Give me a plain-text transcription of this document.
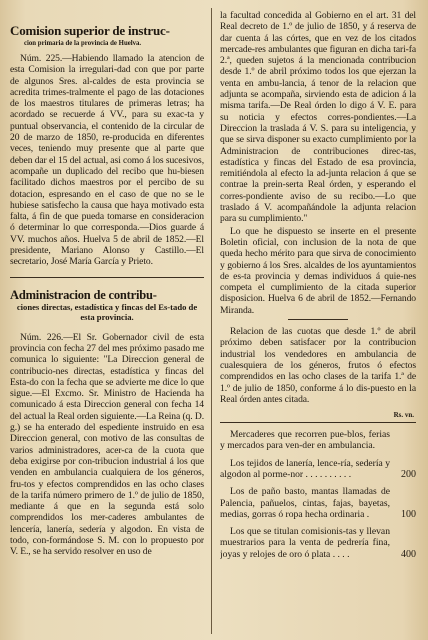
Comision superior de instruc-
cion primaria de la provincia de Huelva.

Núm. 225.—Habiendo llamado la atencion de esta Comision la irregulari-dad con que por parte de algunos Sres. al-caldes de esta provincia se acredita trimes-tralmente el pago de las dotaciones de los maestros titulares de primeras letras; ha acordado se recuerde á VV., para su exac-ta y puntual observancia, el contenido de la circular de 20 de marzo de 1850, re-producida en diferentes veces, teniendo muy presente que al parte que deben dar el 15 del actual, asi como á los sucesivos, acompañe un duplicado del recibo que hu-biesen facilitado dichos maestros por el percibo de su dotacion, espresando en el caso de que no se le hubiese satisfecho la causa que haya motivado esta falta, á fin de que pueda tomarse en consideracion ó determinar lo que corresponda.—Dios guarde á VV. muchos años. Huelva 5 de abril de 1852.—El presidente, Mariano Alonso y Castillo.—El secretario, José María García y Prieto.

Administracion de contribu-
ciones directas, estadística y fincas del Es-tado de esta provincia.

Núm. 226.—El Sr. Gobernador civil de esta provincia con fecha 27 del mes próximo pasado me comunica lo siguiente: "La Direccion general de contribucio-nes directas, estadística y fincas del Esta-do con la fecha que se advierte me dice lo que sigue.—El Excmo. Sr. Ministro de Hacienda ha comunicado á esta Direccion general con fecha 14 del actual la Real orden siguiente.—La Reina (q. D. g.) se ha enterado del espediente instruido en esa Direccion general, con motivo de las consultas de varios administradores, acer-ca de la cuota que deba exigirse por con-tribucion industrial á los que venden en ambulancia cualquiera de los géneros, fru-tos y efectos comprendidos en las ocho clases de la tarifa número primero de 1.º de julio de 1850, mediante á que en la segunda está solo comprendidos los mer-caderes ambulantes de lencería, lanería, sedería y algodon. En vista de todo, con-formándose S. M. con lo propuesto por V. E., se ha servido resolver en uso de

la facultad concedida al Gobierno en el art. 31 del Real decreto de 1.º de julio de 1850, y á reserva de dar cuenta á las córtes, que en vez de los citados mercade-res ambulantes que figuran en dicha tari-fa 2.ª, queden sujetos á la mencionada contribucion desde 1.º de abril próximo todos los que ejerzan la venta en ambu-lancia, á tenor de la relacion que adjunta se acompaña, sirviendo esta de adicion á la misma tarifa.—De Real órden lo digo á V. E. para su noticia y efectos corres-pondientes.—La Direccion la traslada á V. S. para su inteligencia, y que se sirva disponer su exacto cumplimiento por la Administracion de contribuciones direc-tas, estadística y fincas del Estado de esa provincia, remitiéndola al efecto la ad-junta relacion á que se contrae la prein-serta Real órden, y esperando el corres-pondiente aviso de su recibo.—Lo que traslado á V. acompañándole la adjunta relacion para su cumplimiento."

Lo que he dispuesto se inserte en el presente Boletin oficial, con inclusion de la nota de que queda hecho mérito para que sirva de conocimiento y gobierno á los Sres. alcaldes de los ayuntamientos de es-ta provincia y demas individuos á quie-nes competa el cumplimiento de la citada superior disposicion. Huelva 6 de abril de 1852.—Fernando Miranda.

Relacion de las cuotas que desde 1.º de abril próximo deben satisfacer por la contribucion industrial los vendedores en ambulancia de cualesquiera de los géneros, frutos ó efectos comprendidos en las ocho clases de la tarifa 1.ª de 1.º de julio de 1850, conforme á lo dis-puesto en la Real órden antes citada.

Rs. vn.
Mercaderes que recorren pue-blos, ferias y mercados para ven-der en ambulancia.
Los tejidos de lanería, lence-ría, sedería y algodon al porme-nor . . . . . . . . . .	200
Los de paño basto, mantas llamadas de Palencia, pañuelos, cintas, fajas, bayetas, medias, gorras ó ropa hecha ordinaria .	100
Los que se titulan comisionis-tas y llevan muestrarios para la venta de pedrería fina, joyas y relojes de oro ó plata . . . .	400
